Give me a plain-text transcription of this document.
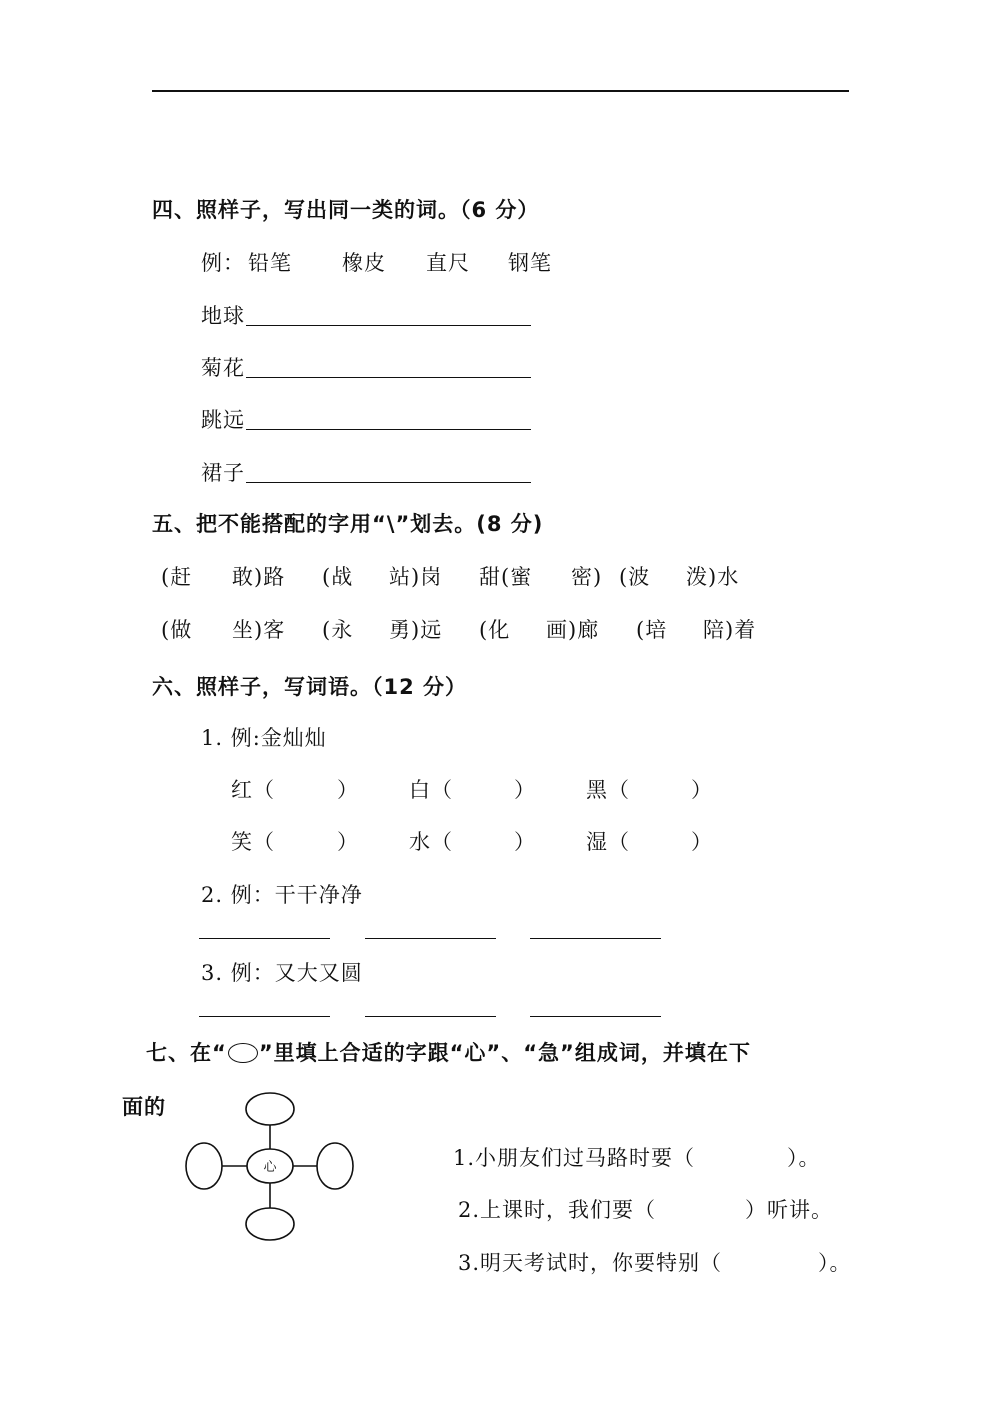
四、照样子，写出同一类的词。（6 分）
例： 铅笔 橡皮 直尺 钢笔
地球
菊花
跳远
裙子
五、把不能搭配的字用“\”划去。(8 分)
(赶 敢)路 (战 站)岗 甜(蜜 密) (波 泼)水
(做 坐)客 (永 勇)远 (化 画)廊 (培 陪)着
六、照样子，写词语。（12 分）
1. 例:金灿灿
红（	） 白（	） 黑（	）
笑（	） 水（	） 湿（	）
2. 例：干干净净
3. 例：又大又圆
七、在“ ”里填上合适的字跟“心”、“急”组成词，并填在下
面的
心	1.小朋友们过马路时要（	）。
2.上课时，我们要（	）听讲。
3.明天考试时，你要特别（	）。
